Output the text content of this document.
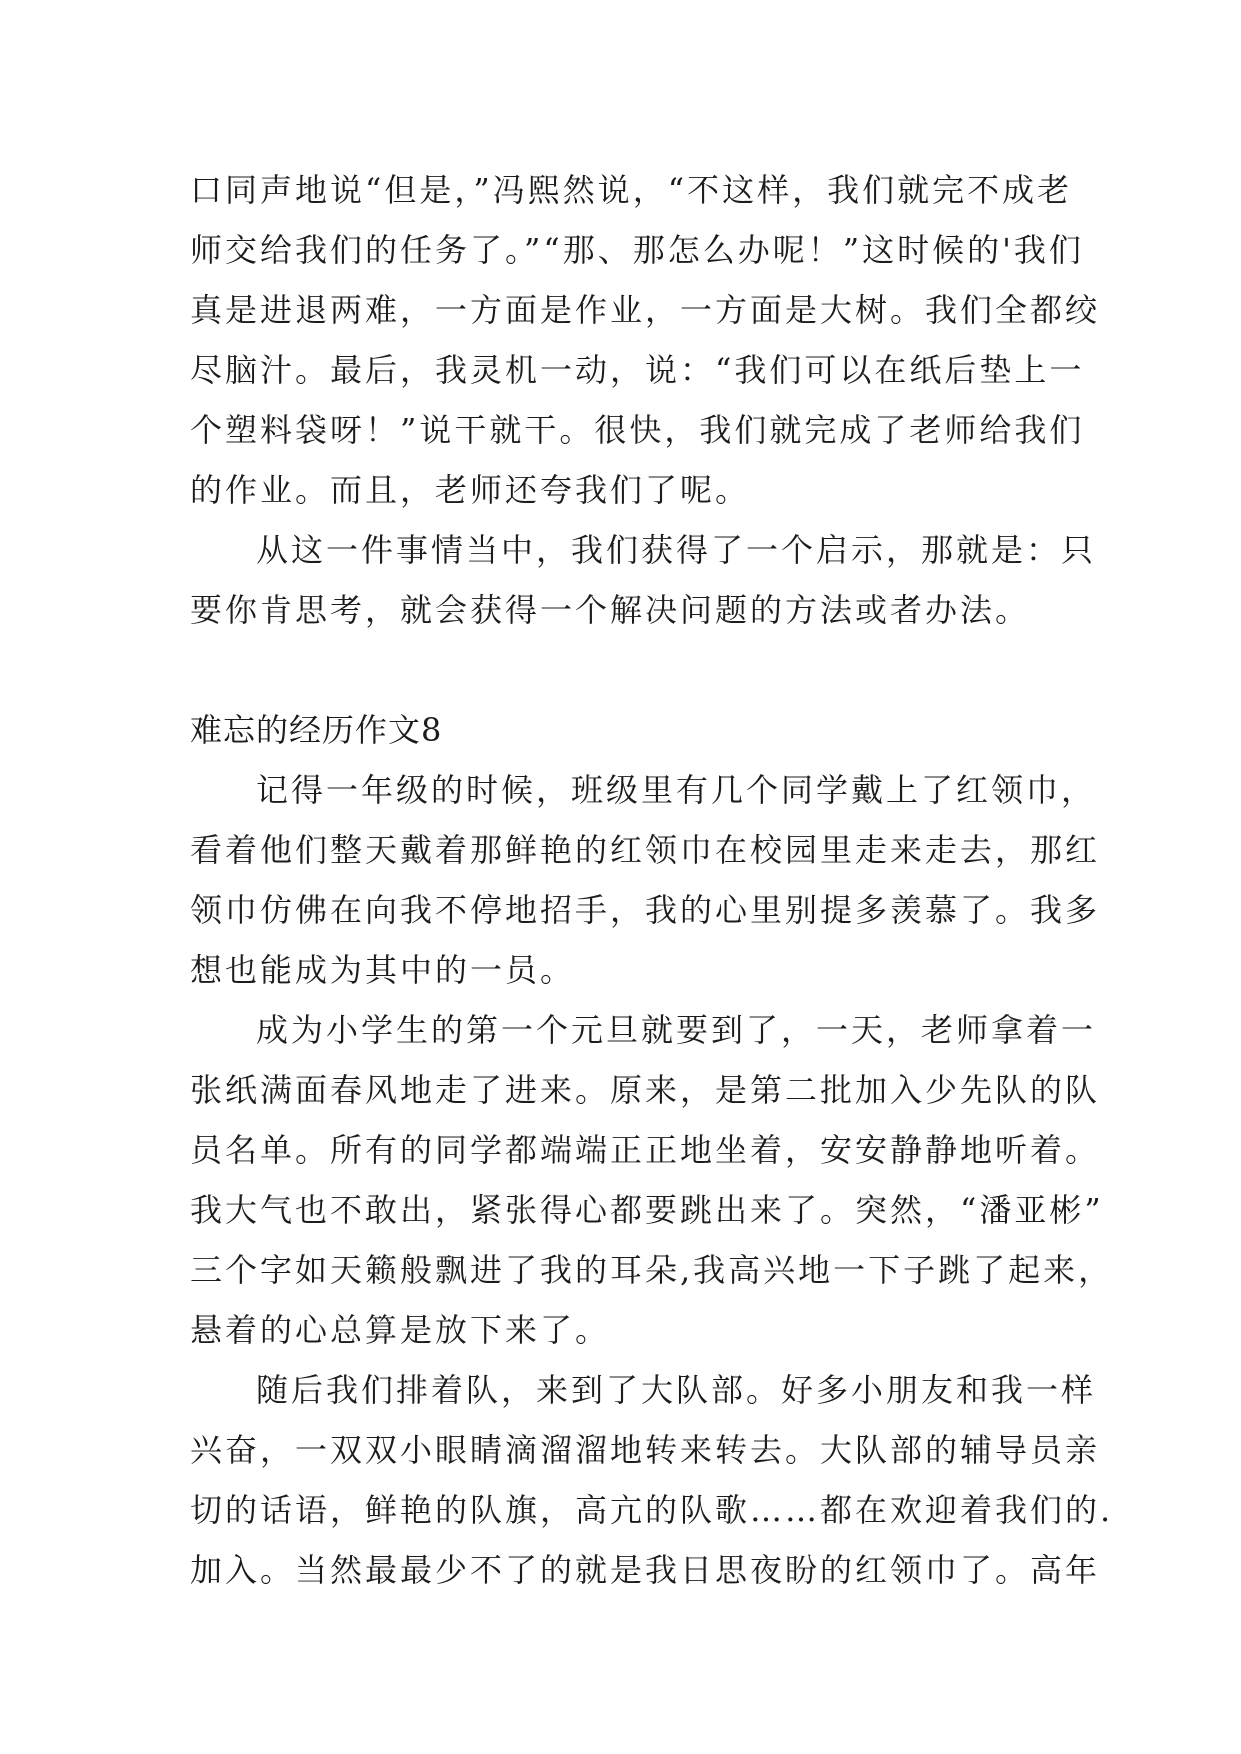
口同声地说“但是，”冯熙然说，“不这样，我们就完不成老
师交给我们的任务了。”“那、那怎么办呢！”这时候的'我们
真是进退两难，一方面是作业，一方面是大树。我们全都绞
尽脑汁。最后，我灵机一动，说：“我们可以在纸后垫上一
个塑料袋呀！”说干就干。很快，我们就完成了老师给我们
的作业。而且，老师还夸我们了呢。
从这一件事情当中，我们获得了一个启示，那就是：只
要你肯思考，就会获得一个解决问题的方法或者办法。
难忘的经历作文8
记得一年级的时候，班级里有几个同学戴上了红领巾，
看着他们整天戴着那鲜艳的红领巾在校园里走来走去，那红
领巾仿佛在向我不停地招手，我的心里别提多羡慕了。我多
想也能成为其中的一员。
成为小学生的第一个元旦就要到了，一天，老师拿着一
张纸满面春风地走了进来。原来，是第二批加入少先队的队
员名单。所有的同学都端端正正地坐着，安安静静地听着。
我大气也不敢出，紧张得心都要跳出来了。突然，“潘亚彬”
三个字如天籁般飘进了我的耳朵,我高兴地一下子跳了起来，
悬着的心总算是放下来了。
随后我们排着队，来到了大队部。好多小朋友和我一样
兴奋，一双双小眼睛滴溜溜地转来转去。大队部的辅导员亲
切的话语，鲜艳的队旗，高亢的队歌……都在欢迎着我们的.
加入。当然最最少不了的就是我日思夜盼的红领巾了。高年
